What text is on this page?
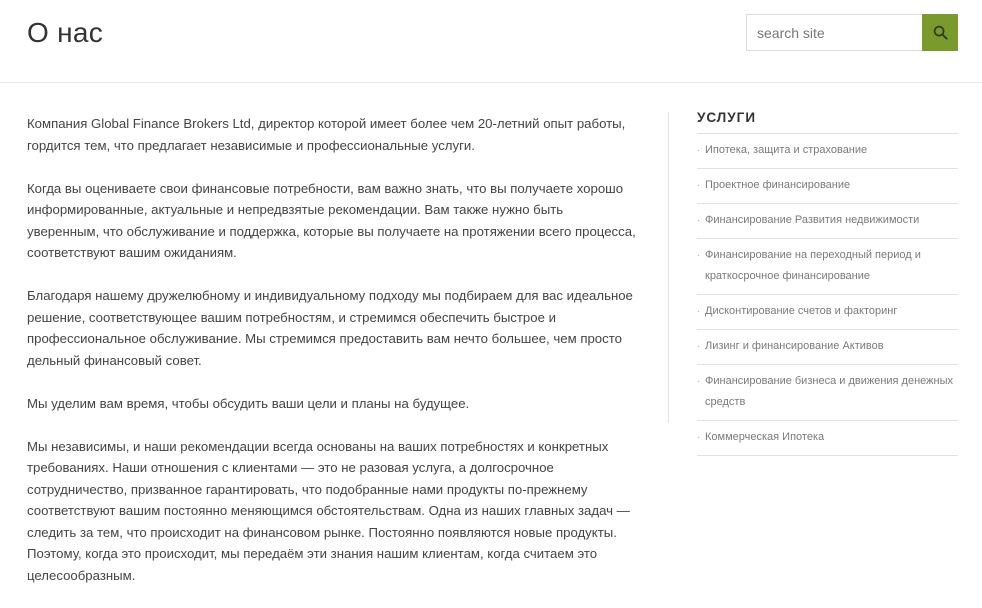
О нас
search site

Компания Global Finance Brokers Ltd, директор которой имеет более чем 20-летний опыт работы, гордится тем, что предлагает независимые и профессиональные услуги.

Когда вы оцениваете свои финансовые потребности, вам важно знать, что вы получаете хорошо информированные, актуальные и непредвзятые рекомендации. Вам также нужно быть уверенным, что обслуживание и поддержка, которые вы получаете на протяжении всего процесса, соответствуют вашим ожиданиям.

Благодаря нашему дружелюбному и индивидуальному подходу мы подбираем для вас идеальное решение, соответствующее вашим потребностям, и стремимся обеспечить быстрое и профессиональное обслуживание. Мы стремимся предоставить вам нечто большее, чем просто дельный финансовый совет.

Мы уделим вам время, чтобы обсудить ваши цели и планы на будущее.

Мы независимы, и наши рекомендации всегда основаны на ваших потребностях и конкретных требованиях. Наши отношения с клиентами — это не разовая услуга, а долгосрочное сотрудничество, призванное гарантировать, что подобранные нами продукты по-прежнему соответствуют вашим постоянно меняющимся обстоятельствам. Одна из наших главных задач — следить за тем, что происходит на финансовом рынке. Постоянно появляются новые продукты. Поэтому, когда это происходит, мы передаём эти знания нашим клиентам, когда считаем это целесообразным.

УСЛУГИ
· Ипотека, защита и страхование
· Проектное финансирование
· Финансирование Развития недвижимости
· Финансирование на переходный период и краткосрочное финансирование
· Дисконтирование счетов и факторинг
· Лизинг и финансирование Активов
· Финансирование бизнеса и движения денежных средств
· Коммерческая Ипотека
